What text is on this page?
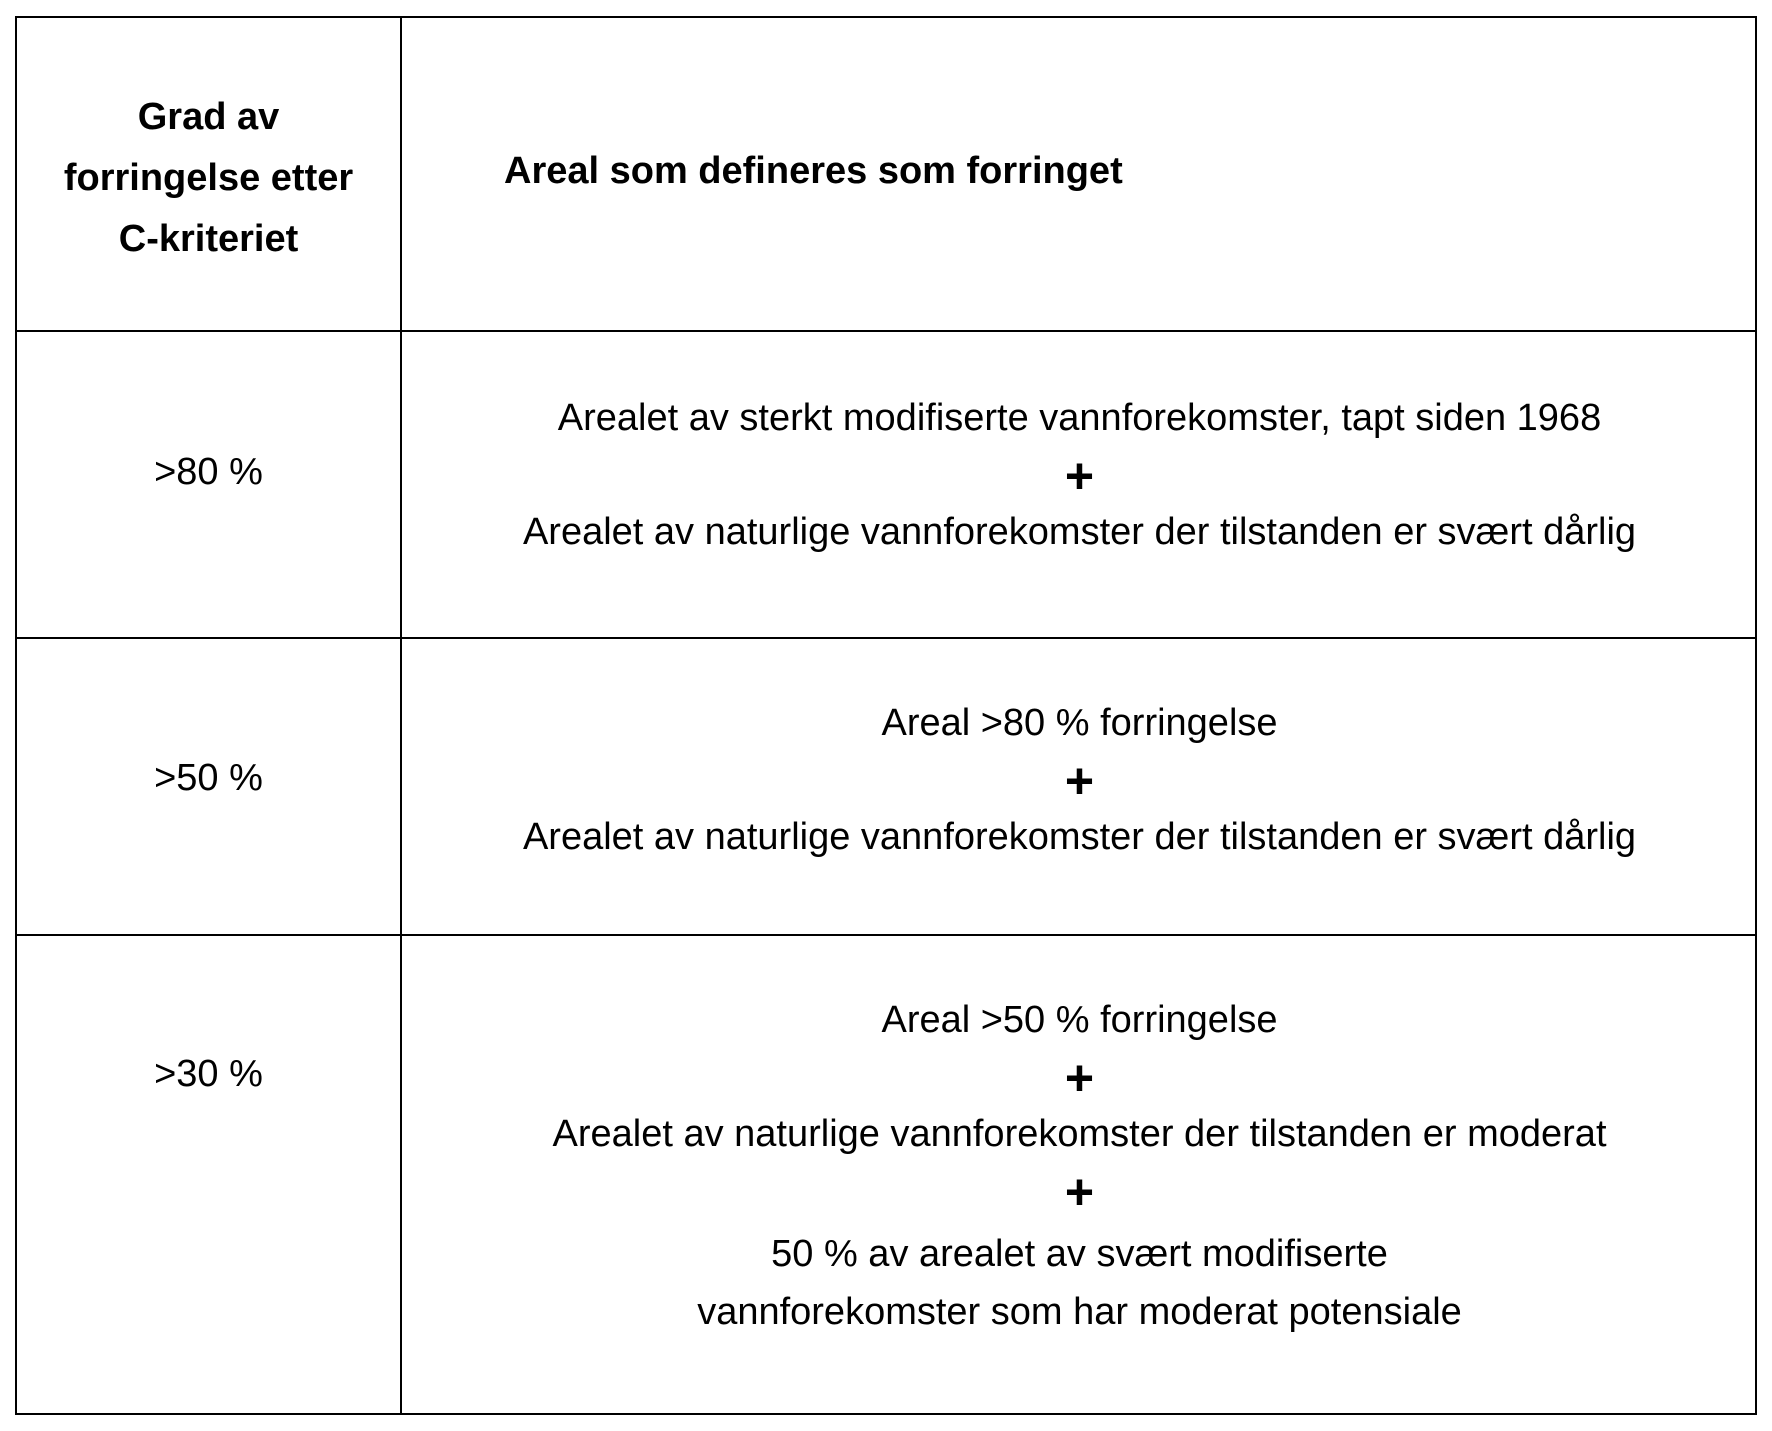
Grad av
forringelse etter
C-kriteriet
Areal som defineres som forringet
>80 %
Arealet av sterkt modifiserte vannforekomster, tapt siden 1968
+
Arealet av naturlige vannforekomster der tilstanden er svært dårlig
>50 %
Areal >80 % forringelse
+
Arealet av naturlige vannforekomster der tilstanden er svært dårlig
>30 %
Areal >50 % forringelse
+
Arealet av naturlige vannforekomster der tilstanden er moderat
+
50 % av arealet av svært modifiserte vannforekomster som har moderat potensiale
